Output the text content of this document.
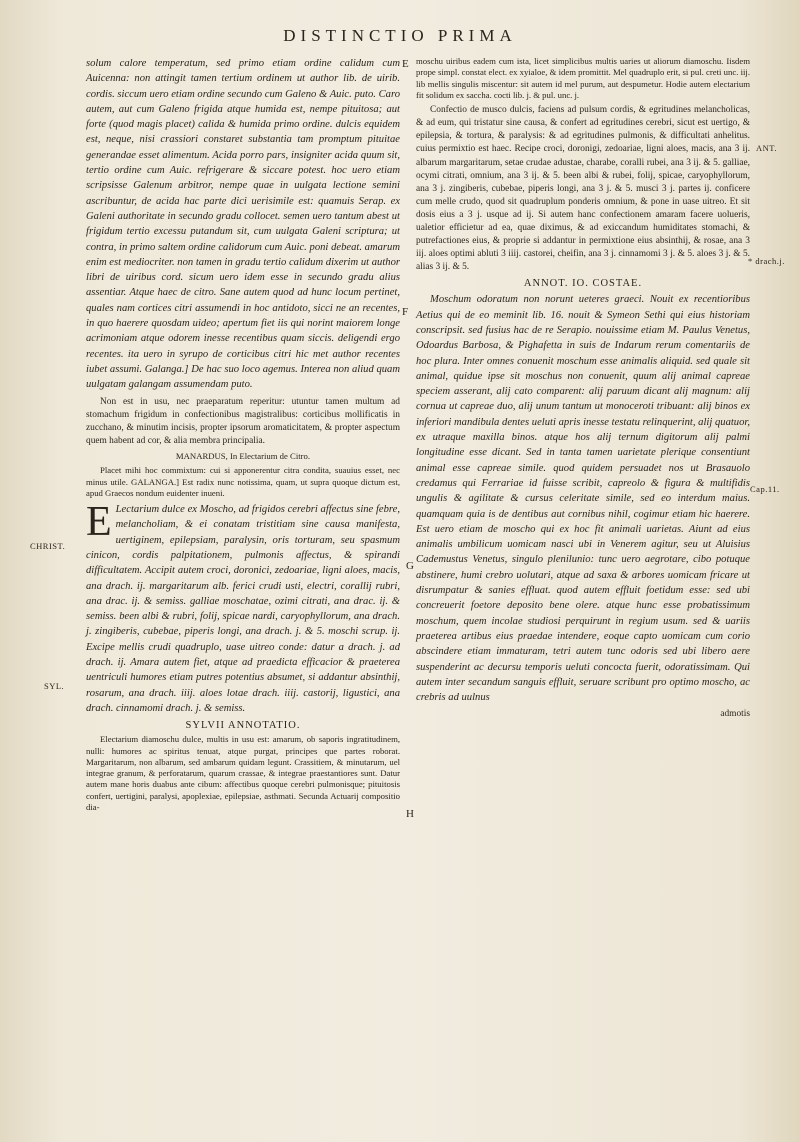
DISTINCTIO PRIMA
E
F
G
H
CHRIST.
SYL.
ANT.
* drach.j.
Cap.11.

solum calore temperatum, sed primo etiam ordine calidum cum Auicenna: non attingit tamen tertium ordinem ut author lib. de uirib. cordis. siccum uero etiam ordine secundo cum Galeno & Auic. puto. Caro autem, aut cum Galeno frigida atque humida est, nempe pituitosa; aut forte (quod magis placet) calida & humida primo ordine. dulcis equidem est, neque, nisi crassiori constaret substantia tam promptum pituitae generandae esset alimentum. Acida porro pars, insigniter acida quum sit, tertio ordine cum Auic. refrigerare & siccare potest. hoc uero etiam scripsisse Galenum arbitror, nempe quae in uulgata lectione semini ascribuntur, de acida hac parte dici uerisimile est: quamuis Serap. ex Galeni authoritate in secundo gradu collocet. semen uero tantum abest ut frigidum tertio excessu putandum sit, cum uulgata Galeni scriptura; ut contra, in primo saltem ordine calidorum cum Auic. poni debeat. amarum enim est mediocriter. non tamen in gradu tertio calidum dixerim ut author libri de uiribus cord. sicum uero idem esse in secundo gradu alius assentiar. Atque haec de citro. Sane autem quod ad hunc locum pertinet, quales nam cortices citri assumendi in hoc antidoto, sicci ne an recentes, in quo haerere quosdam uideo; apertum fiet iis qui norint maiorem longe acrimoniam atque odorem inesse recentibus quam siccis. deligendi ergo recentes. ita uero in syrupo de corticibus citri hic met author recentes iubet assumi. Galanga.] De hac suo loco agemus. Interea non aliud quam uulgatam galangam assumendam puto.

Non est in usu, nec praeparatum reperitur: utuntur tamen multum ad stomachum frigidum in confectionibus magistralibus: corticibus mollificatis in zucchano, & minutim incisis, propter ipsorum aromaticitatem, & propter aspectum quem habent ad cor, & alia membra principalia.

MANARDUS, In Electarium de Citro.

Placet mihi hoc commixtum: cui si apponerentur citra condita, suauius esset, nec minus utile. GALANGA.] Est radix nunc notissima, quam, ut supra quoque dictum est, apud Graecos nondum euidenter inueni.

E Lectarium dulce ex Moscho, ad frigidos cerebri affectus sine febre, melancholiam, & ei conatam tristitiam sine causa manifesta, uertiginem, epilepsiam, paralysin, oris torturam, seu spasmum cinicon, cordis palpitationem, pulmonis affectus, & spirandi difficultatem. Accipit autem croci, doronici, zedoariae, ligni aloes, macis, ana drach. ij. margaritarum alb. ferici crudi usti, electri, corallij rubri, ana drac. ij. & semiss. galliae moschatae, ozimi citrati, ana drac. ij. & semiss. been albi & rubri, folij, spicae nardi, caryophyllorum, ana drach. j. zingiberis, cubebae, piperis longi, ana drach. j. & 5. moschi scrup. ij. Excipe mellis crudi quadruplo, uase uitreo conde: datur a drach. j. ad drach. ij. Amara autem fiet, atque ad praedicta efficacior & praeterea uentriculi humores etiam putres potentius absumet, si addantur absinthij, rosarum, ana drach. iiij. aloes lotae drach. iiij. castorij, ligustici, ana drach. cinnamomi drach. j. & semiss.

SYLVII ANNOTATIO.

Electarium diamoschu dulce, multis in usu est: amarum, ob saporis ingratitudinem, nulli: humores ac spiritus tenuat, atque purgat, principes que partes roborat. Margaritarum, non albarum, sed ambarum quidam legunt. Crassitiem, & minutarum, uel integrae granum, & perforatarum, quarum crassae, & integrae praestantiores sunt. Datur autem mane horis duabus ante cibum: affectibus quoque cerebri pulmonisque; pituitosis confert, uertigini, paralysi, apoplexiae, epilepsiae, asthmati. Secunda Actuarij compositio dia-

moschu uiribus eadem cum ista, licet simplicibus multis uaries ut aliorum diamoschu. Iisdem prope simpl. constat elect. ex xyialoe, & idem promittit. Mel quadruplo erit, si pul. creti unc. iij. lib mellis singulis miscentur: sit autem id mel purum, aut despumetur. Hodie autem electarium fit solidum ex saccha. cocti lib. j. & pul. unc. j.

Confectio de musco dulcis, faciens ad pulsum cordis, & egritudines melancholicas, & ad eum, qui tristatur sine causa, & confert ad egritudines cerebri, sicut est uertigo, & epilepsia, & tortura, & paralysis: & ad egritudines pulmonis, & difficultati anhelitus. cuius permixtio est haec. Recipe croci, doronigi, zedoariae, ligni aloes, macis, ana 3 ij. albarum margaritarum, setae crudae adustae, charabe, coralli rubei, ana 3 ij. & 5. galliae, ocymi citrati, omnium, ana 3 ij. & 5. been albi & rubei, folij, spicae, caryophyllorum, ana 3 j. zingiberis, cubebae, piperis longi, ana 3 j. & 5. musci 3 j. partes ij. conficere cum melle crudo, quod sit quadruplum ponderis omnium, & pone in uase uitreo. Et sit dosis eius a 3 j. usque ad ij. Si autem hanc confectionem amaram facere uolueris, ualetior efficietur ad ea, quae diximus, & ad exiccandum humiditates stomachi, & putrefactiones eius, & proprie si addantur in permixtione eius absinthij, & rosae, ana 3 iij. aloes optimi abluti 3 iiij. castorei, cheifin, ana 3 j. cinnamomi 3 j. & 5. aloes 3 j. & 5. alias 3 ij. & 5.

ANNOT. IO. COSTAE.

Moschum odoratum non norunt ueteres graeci. Nouit ex recentioribus Aetius qui de eo meminit lib. 16. nouit & Symeon Sethi qui eius historiam conscripsit. sed fusius hac de re Serapio. nouissime etiam M. Paulus Venetus, Odoardus Barbosa, & Pighafetta in suis de Indarum rerum comentariis de hoc plura. Inter omnes conuenit moschum esse animalis aliquid. sed quale sit animal, quidue ipse sit moschus non conuenit, quum alij animal capreae speciem asserant, alij cato comparent: alij paruum dicant alij magnum: alij cornua ut capreae duo, alij unum tantum ut monoceroti tribuant: alij binos ex inferiori mandibula dentes ueluti apris inesse testatu relinquerint, alij quatuor, ex utraque maxilla binos. atque hos alij ternum digitorum alij palmi longitudine esse dicant. Sed in tanta tamen uarietate plerique consentiunt animal esse capreae simile. quod quidem persuadet nos ut Brasauolo credamus qui Ferrariae id fuisse scribit, capreolo & figura & multifidis ungulis & agilitate & cursus celeritate simile, sed eo interdum maius. quamquam quia is de dentibus aut cornibus nihil, cogimur etiam hic haerere. Est uero etiam de moscho qui ex hoc fit animali uarietas. Aiunt ad eius animalis umbilicum uomicam nasci ubi in Venerem agitur, seu ut Aluisius Cademustus Venetus, singulo plenilunio: tunc uero aegrotare, cibo potuque abstinere, humi crebro uolutari, atque ad saxa & arbores uomicam fricare ut disrumpatur & sanies effluat. quod autem effluit foetidum esse: sed ubi concreuerit foetore deposito bene olere. atque hunc esse probatissimum moschum, quem incolae studiosi perquirunt in regium usum. sed & uariis praeterea artibus eius praedae intendere, eoque capto uomicam cum corio abscindere etiam immaturam, tetri autem tunc odoris sed ubi libero aere suspenderint ac decursu temporis ueluti concocta fuerit, odoratissimam. Qui autem inter secandum sanguis effluit, seruare scribunt pro optimo moscho, ac crebris ad uulnus

admotis
